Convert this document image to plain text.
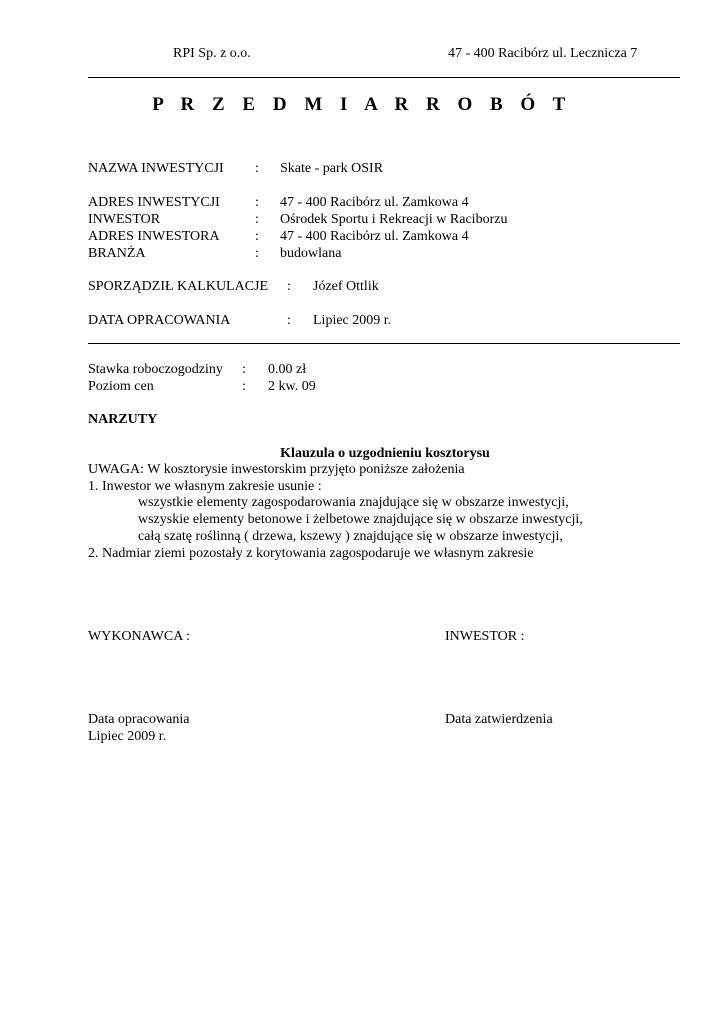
RPI Sp. z o.o.	47 - 400 Racibórz ul. Lecznicza 7
P R Z E D M I A R R O B Ó T
NAZWA INWESTYCJI : Skate - park OSIR
ADRES INWESTYCJI	: 47 - 400 Racibórz ul. Zamkowa 4
INWESTOR	: Ośrodek Sportu i Rekreacji w Raciborzu
ADRES INWESTORA	: 47 - 400 Racibórz ul. Zamkowa 4
BRANŻA	: budowlana
SPORZĄDZIŁ KALKULACJE : Józef Ottlik
DATA OPRACOWANIA	: Lipiec 2009 r.
Stawka roboczogodziny : 0.00 zł
Poziom cen	: 2 kw. 09
NARZUTY
Klauzula o uzgodnieniu kosztorysu
UWAGA: W kosztorysie inwestorskim przyjęto poniższe założenia
1. Inwestor we własnym zakresie usunie :
wszystkie elementy zagospodarowania znajdujące się w obszarze inwestycji,
wszyskie elementy betonowe i żelbetowe znajdujące się w obszarze inwestycji,
całą szatę roślinną ( drzewa, kszewy ) znajdujące się w obszarze inwestycji,
2. Nadmiar ziemi pozostały z korytowania zagospodaruje we własnym zakresie
WYKONAWCA :	INWESTOR :
Data opracowania
Lipiec 2009 r.
Data zatwierdzenia
